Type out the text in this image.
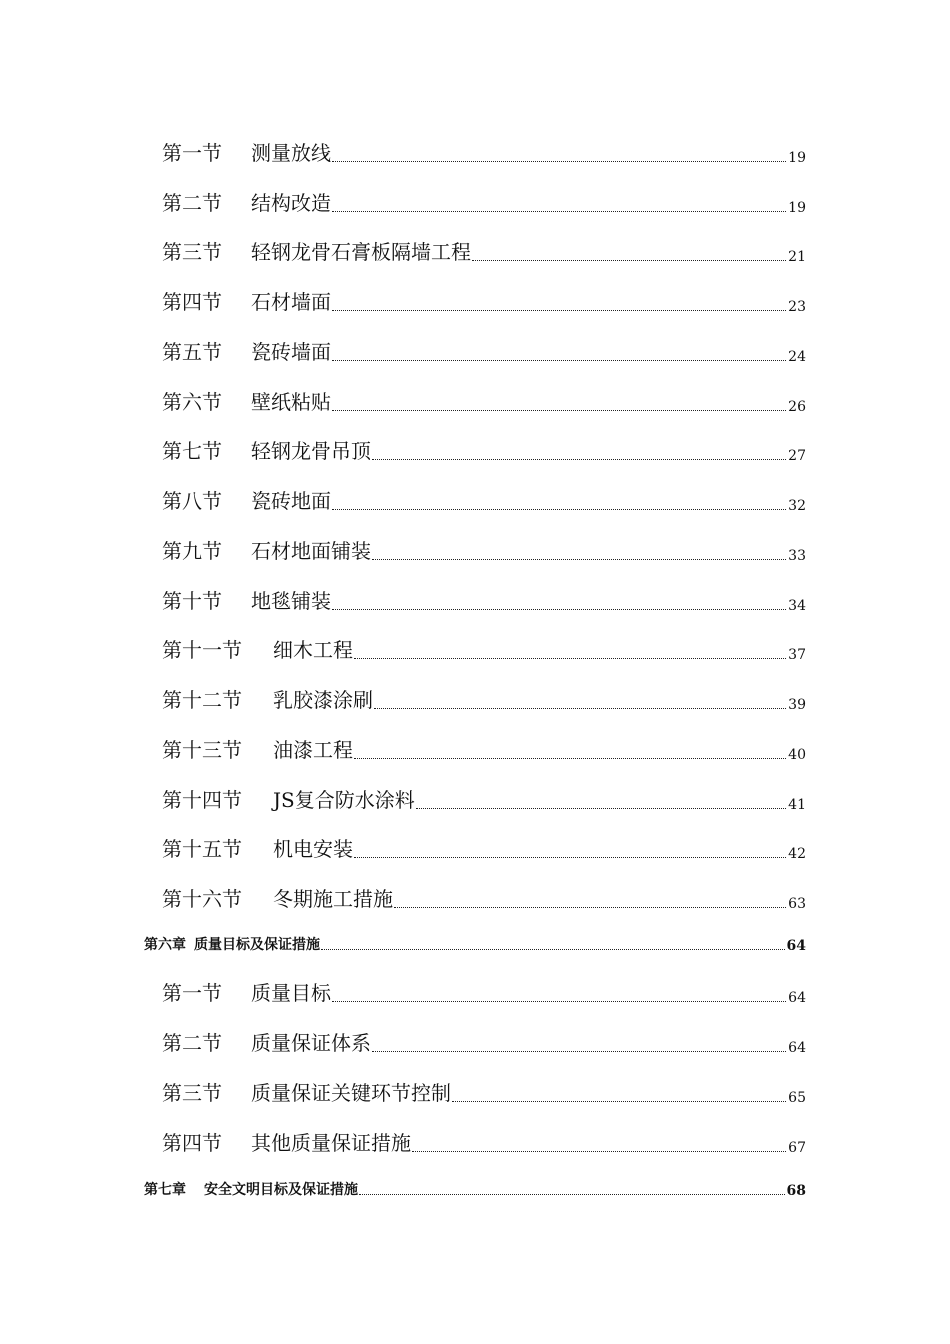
第一节	测量放线	19
第二节	结构改造	19
第三节	轻钢龙骨石膏板隔墙工程	21
第四节	石材墙面	23
第五节	瓷砖墙面	24
第六节	壁纸粘贴	26
第七节	轻钢龙骨吊顶	27
第八节	瓷砖地面	32
第九节	石材地面铺装	33
第十节	地毯铺装	34
第十一节	细木工程	37
第十二节	乳胶漆涂刷	39
第十三节	油漆工程	40
第十四节	JS复合防水涂料	41
第十五节	机电安装	42
第十六节	冬期施工措施	63
第六章 质量目标及保证措施	64
第一节	质量目标	64
第二节	质量保证体系	64
第三节	质量保证关键环节控制	65
第四节	其他质量保证措施	67
第七章 安全文明目标及保证措施	68
